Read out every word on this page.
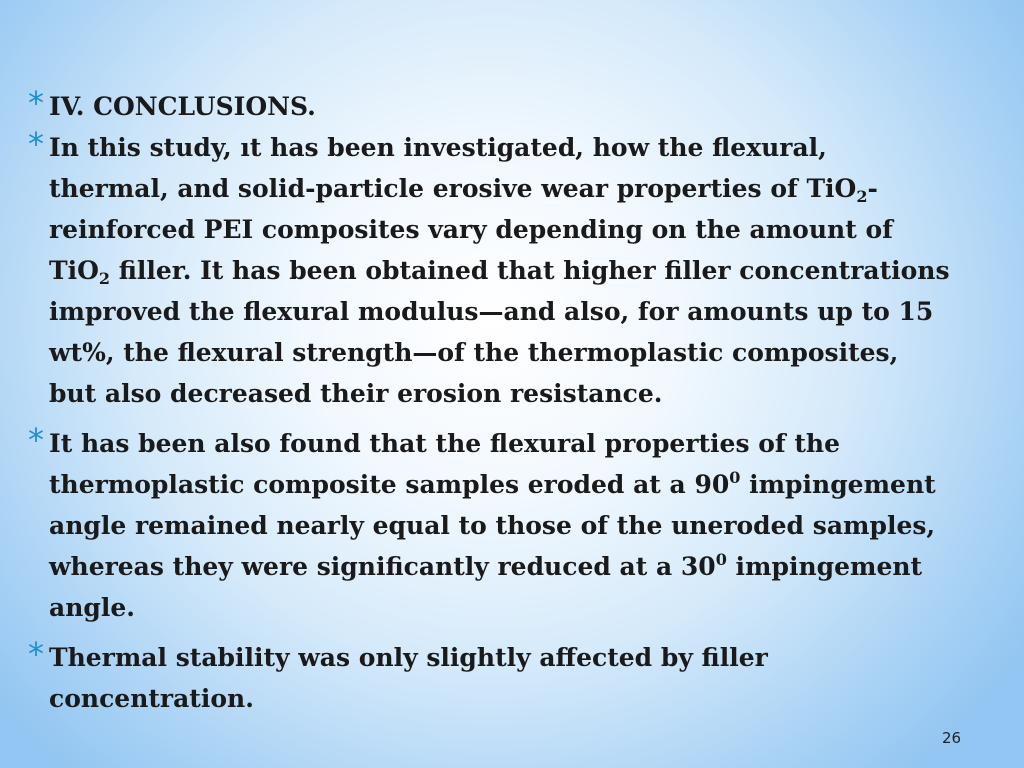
* IV. CONCLUSIONS.
* In this study, ıt has been investigated, how the flexural,
thermal, and solid-particle erosive wear properties of TiO$_2$-
reinforced PEI composites vary depending on the amount of
TiO$_2$ filler. It has been obtained that higher filler concentrations
improved the flexural modulus—and also, for amounts up to 15
wt%, the flexural strength—of the thermoplastic composites,
but also decreased their erosion resistance.
* It has been also found that the flexural properties of the
thermoplastic composite samples eroded at a $90^0$ impingement
angle remained nearly equal to those of the uneroded samples,
whereas they were significantly reduced at a $30^0$ impingement
angle.
* Thermal stability was only slightly affected by filler
concentration.
26
